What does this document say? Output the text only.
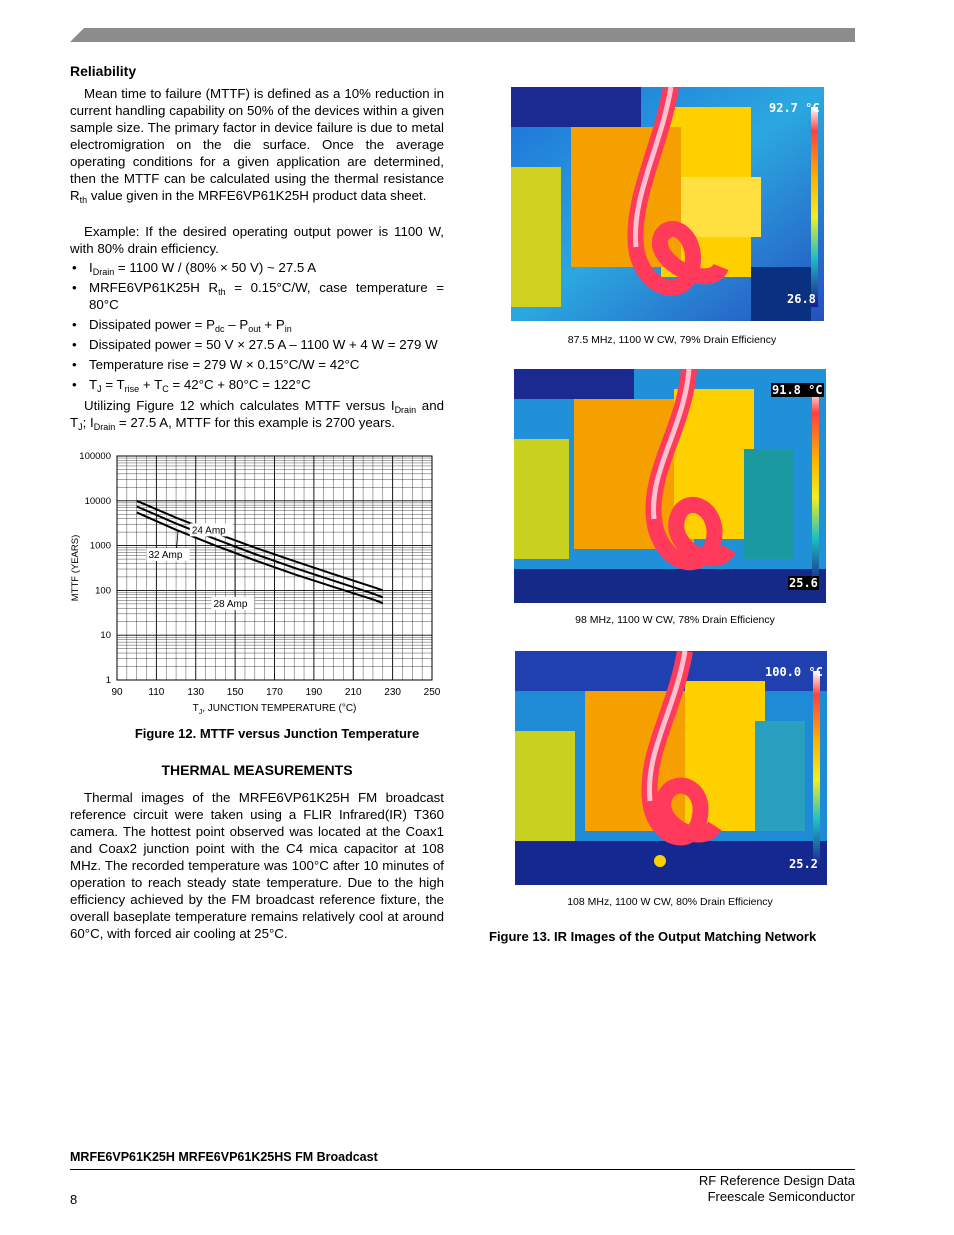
Reliability
Mean time to failure (MTTF) is defined as a 10% reduction in current handling capability on 50% of the devices within a given sample size. The primary factor in device failure is due to metal electromigration on the die surface. Once the average operating conditions for a given application are determined, then the MTTF can be calculated using the thermal resistance $R_{th}$ value given in the MRFE6VP61K25H product data sheet.
Example: If the desired operating output power is 1100 W, with 80% drain efficiency.
• $I_{Drain} = 1100$ W / (80% × 50 V) ~ 27.5 A
• MRFE6VP61K25H $R_{th} = 0.15^\circ C/W$, case temperature = 80°C
• Dissipated power = $P_{dc} - P_{out} + P_{in}$
• Dissipated power = 50 V × 27.5 A – 1100 W + 4 W = 279 W
• Temperature rise = 279 W × 0.15°C/W = 42°C
• $T_J = T_{rise} + T_C = 42^\circ C + 80^\circ C = 122^\circ C$
Utilizing Figure 12 which calculates MTTF versus $I_{Drain}$ and $T_J$; $I_{Drain} = 27.5$ A, MTTF for this example is 2700 years.
1
10
100
1000
10000
100000
90	110 130 150 170 190 210 230 250
24 Amp
32 Amp
28 Amp
MTTF (YEARS)
$T_J$, JUNCTION TEMPERATURE (°C)
Figure 12. MTTF versus Junction Temperature
THERMAL MEASUREMENTS
Thermal images of the MRFE6VP61K25H FM broadcast reference circuit were taken using a FLIR Infrared(IR) T360 camera. The hottest point observed was located at the Coax1 and Coax2 junction point with the C4 mica capacitor at 108 MHz. The recorded temperature was 100°C after 10 minutes of operation to reach steady state temperature. Due to the high efficiency achieved by the FM broadcast reference fixture, the overall baseplate temperature remains relatively cool at around 60°C, with forced air cooling at 25°C.
92.7 °C
26.8
87.5 MHz, 1100 W CW, 79% Drain Efficiency
91.8 °C
25.6
98 MHz, 1100 W CW, 78% Drain Efficiency
100.0 °C
25.2
108 MHz, 1100 W CW, 80% Drain Efficiency
Figure 13. IR Images of the Output Matching Network
MRFE6VP61K25H MRFE6VP61K25HS FM Broadcast
8
RF Reference Design Data
Freescale Semiconductor
